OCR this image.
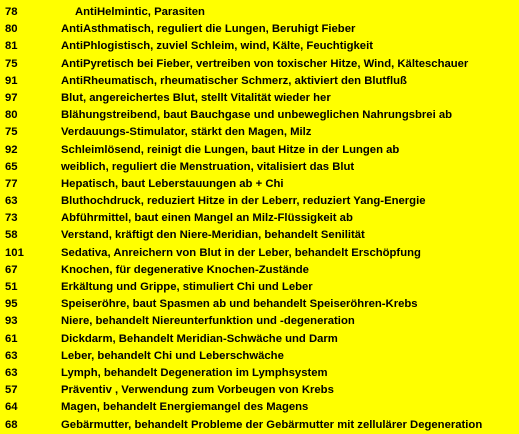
78	AntiHelmintic, Parasiten
80	AntiAsthmatisch, reguliert die Lungen, Beruhigt Fieber
81	AntiPhlogistisch, zuviel Schleim, wind, Kälte, Feuchtigkeit
75	AntiPyretisch bei Fieber, vertreiben von toxischer Hitze, Wind, Kälteschauer
91	AntiRheumatisch, rheumatischer Schmerz, aktiviert den Blutfluß
97	Blut, angereichertes Blut, stellt Vitalität wieder her
80	Blähungstreibend, baut Bauchgase und unbeweglichen Nahrungsbrei ab
75	Verdauungs-Stimulator, stärkt den Magen, Milz
92	Schleimlösend, reinigt die Lungen, baut Hitze in der Lungen ab
65	weiblich, reguliert die Menstruation, vitalisiert das Blut
77	Hepatisch, baut Leberstauungen ab + Chi
63	Bluthochdruck, reduziert Hitze in der Leberr, reduziert Yang-Energie
73	Abführmittel, baut einen Mangel an Milz-Flüssigkeit ab
58	Verstand, kräftigt den Niere-Meridian, behandelt Senilität
101	Sedativa, Anreichern von Blut in der Leber, behandelt Erschöpfung
67	Knochen, für degenerative Knochen-Zustände
51	Erkältung und Grippe, stimuliert Chi und Leber
95	Speiseröhre, baut Spasmen ab und behandelt Speiseröhren-Krebs
93	Niere, behandelt Niereunterfunktion und -degeneration
61	Dickdarm, Behandelt Meridian-Schwäche und Darm
63	Leber, behandelt Chi und Leberschwäche
63	Lymph, behandelt Degeneration im Lymphsystem
57	Präventiv , Verwendung zum Vorbeugen von Krebs
64	Magen, behandelt Energiemangel des Magens
68	Gebärmutter, behandelt Probleme der Gebärmutter mit zellulärer Degeneration
